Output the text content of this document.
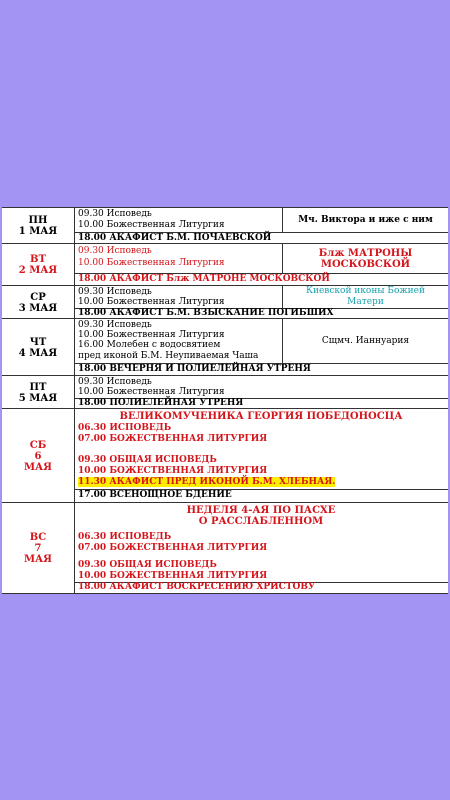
ПН
1 МАЯ
09.30 Исповедь
10.00 Божественная Литургия
18.00 АКАФИСТ Б.М. ПОЧАЕВСКОЙ
Мч. Виктора и иже с ним
ВТ
2 МАЯ
09.30 Исповедь
10.00 Божественная Литургия
18.00 АКАФИСТ Блж МАТРОНЕ МОСКОВСКОЙ
Блж МАТРОНЫ
МОСКОВСКОЙ
СР
3 МАЯ
09.30 Исповедь
10.00 Божественная Литургия
18.00 АКАФИСТ Б.М. ВЗЫСКАНИЕ ПОГИБШИХ
Киевской иконы Божией
Матери
ЧТ
4 МАЯ
09.30 Исповедь
10.00 Божественная Литургия
16.00 Молебен с водосвятием
пред иконой Б.М. Неупиваемая Чаша
18.00 ВЕЧЕРНЯ И ПОЛИЕЛЕЙНАЯ УТРЕНЯ
Сщмч. Ианнуария
ПТ
5 МАЯ
09.30 Исповедь
10.00 Божественная Литургия
18.00 ПОЛИЕЛЕЙНАЯ УТРЕНЯ
СБ
6
МАЯ
ВЕЛИКОМУЧЕНИКА ГЕОРГИЯ ПОБЕДОНОСЦА
06.30 ИСПОВЕДЬ
07.00 БОЖЕСТВЕННАЯ ЛИТУРГИЯ
09.30 ОБЩАЯ ИСПОВЕДЬ
10.00 БОЖЕСТВЕННАЯ ЛИТУРГИЯ
11.30 АКАФИСТ ПРЕД ИКОНОЙ Б.М. ХЛЕБНАЯ.
17.00 ВСЕНОЩНОЕ БДЕНИЕ
ВС
7
МАЯ
НЕДЕЛЯ 4-АЯ ПО ПАСХЕ
О РАССЛАБЛЕННОМ
06.30 ИСПОВЕДЬ
07.00 БОЖЕСТВЕННАЯ ЛИТУРГИЯ
09.30 ОБЩАЯ ИСПОВЕДЬ
10.00 БОЖЕСТВЕННАЯ ЛИТУРГИЯ
18.00 АКАФИСТ ВОСКРЕСЕНИЮ ХРИСТОВУ
